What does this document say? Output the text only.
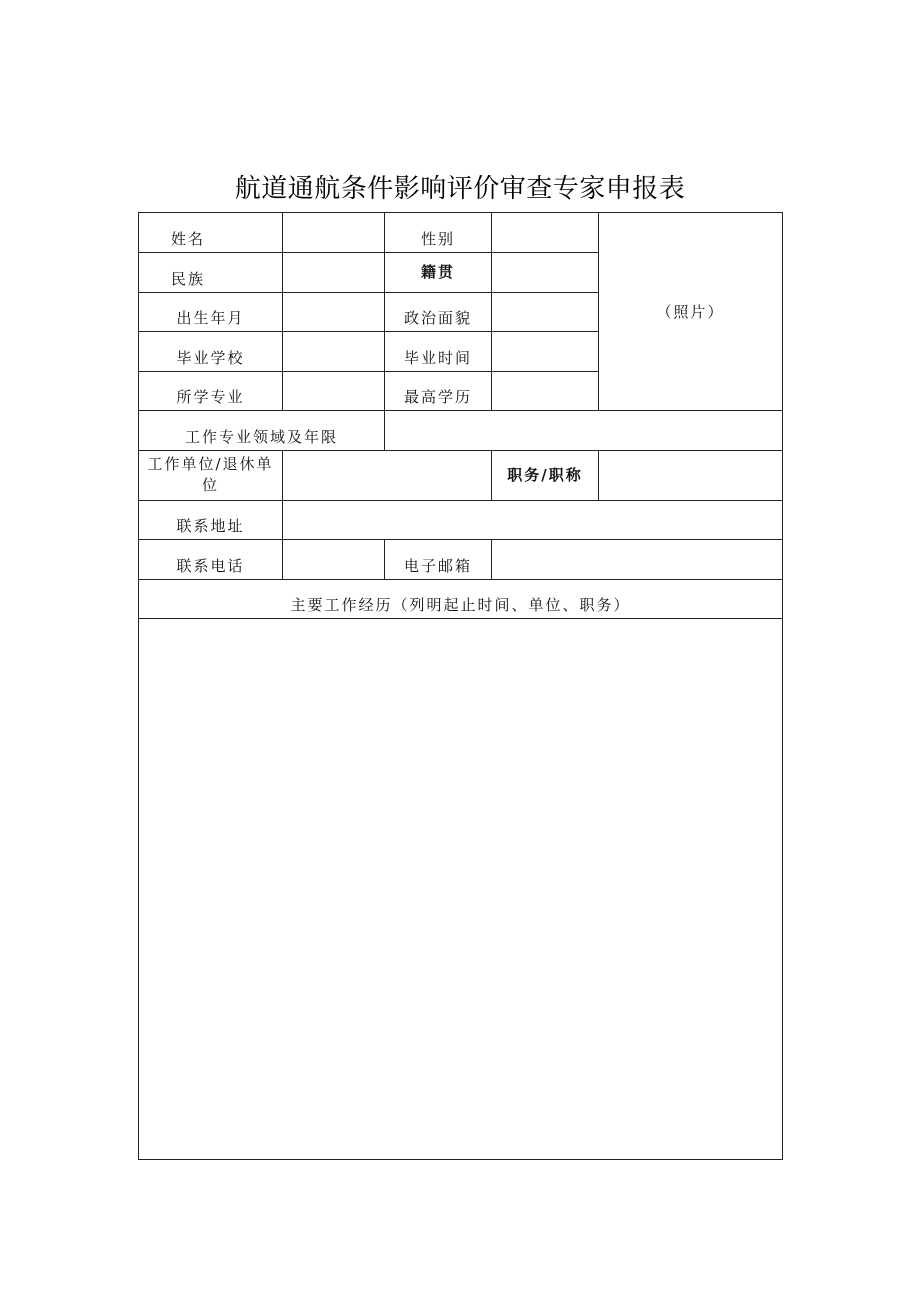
航道通航条件影响评价审查专家申报表
姓名		性别		（照片）
民族		籍贯		
出生年月		政治面貌		
毕业学校		毕业时间		
所学专业		最高学历		
工作专业领域及年限				
工作单位/退休单位			职务/职称	
联系地址				
联系电话		电子邮箱		
主要工作经历（列明起止时间、单位、职务）				
